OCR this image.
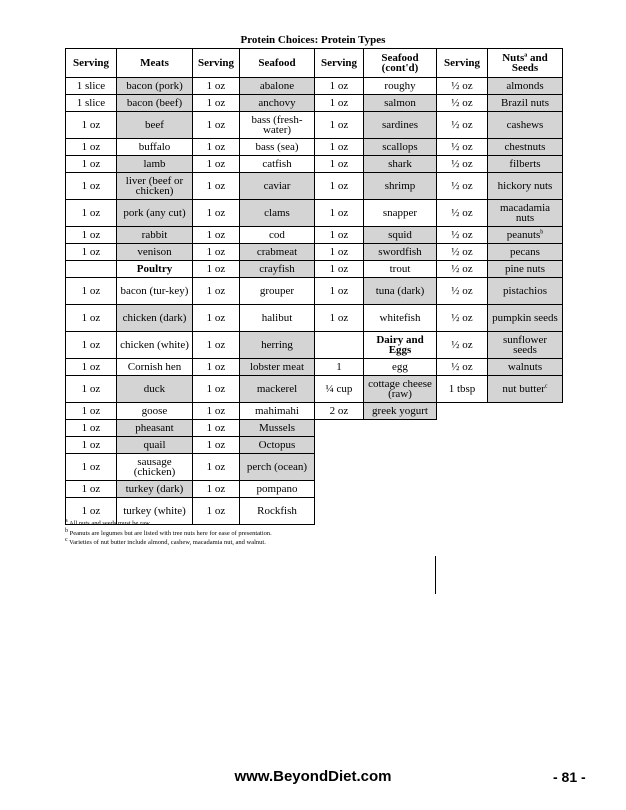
Protein Choices: Protein Types
Serving	Meats	Serving	Seafood	Serving	Seafood (cont'd)	Serving	Nuts$^a$ and Seeds
1 slice	bacon (pork)	1 oz	abalone	1 oz	roughy	½ oz	almonds
1 slice	bacon (beef)	1 oz	anchovy	1 oz	salmon	½ oz	Brazil nuts
1 oz	beef	1 oz	bass (fresh-water)	1 oz	sardines	½ oz	cashews
1 oz	buffalo	1 oz	bass (sea)	1 oz	scallops	½ oz	chestnuts
1 oz	lamb	1 oz	catfish	1 oz	shark	½ oz	filberts
1 oz	liver (beef or chicken)	1 oz	caviar	1 oz	shrimp	½ oz	hickory nuts
1 oz	pork (any cut)	1 oz	clams	1 oz	snapper	½ oz	macadamia nuts
1 oz	rabbit	1 oz	cod	1 oz	squid	½ oz	peanuts$^b$
1 oz	venison	1 oz	crabmeat	1 oz	swordfish	½ oz	pecans
	Poultry	1 oz	crayfish	1 oz	trout	½ oz	pine nuts
1 oz	bacon (tur-key)	1 oz	grouper	1 oz	tuna (dark)	½ oz	pistachios
1 oz	chicken (dark)	1 oz	halibut	1 oz	whitefish	½ oz	pumpkin seeds
1 oz	chicken (white)	1 oz	herring		Dairy and Eggs	½ oz	sunflower seeds
1 oz	Cornish hen	1 oz	lobster meat	1	egg	½ oz	walnuts
1 oz	duck	1 oz	mackerel	¼ cup	cottage cheese (raw)	1 tbsp	nut butter$^c$
1 oz	goose	1 oz	mahimahi	2 oz	greek yogurt		
1 oz	pheasant	1 oz	Mussels				
1 oz	quail	1 oz	Octopus				
1 oz	sausage (chicken)	1 oz	perch (ocean)				
1 oz	turkey (dark)	1 oz	pompano				
1 oz	turkey (white)	1 oz	Rockfish				
$^a$ All nuts and seeds must be raw.
$^b$ Peanuts are legumes but are listed with tree nuts here for ease of presentation.
$^c$ Varieties of nut butter include almond, cashew, macadamia nut, and walnut.
www.BeyondDiet.com	- 81 -
